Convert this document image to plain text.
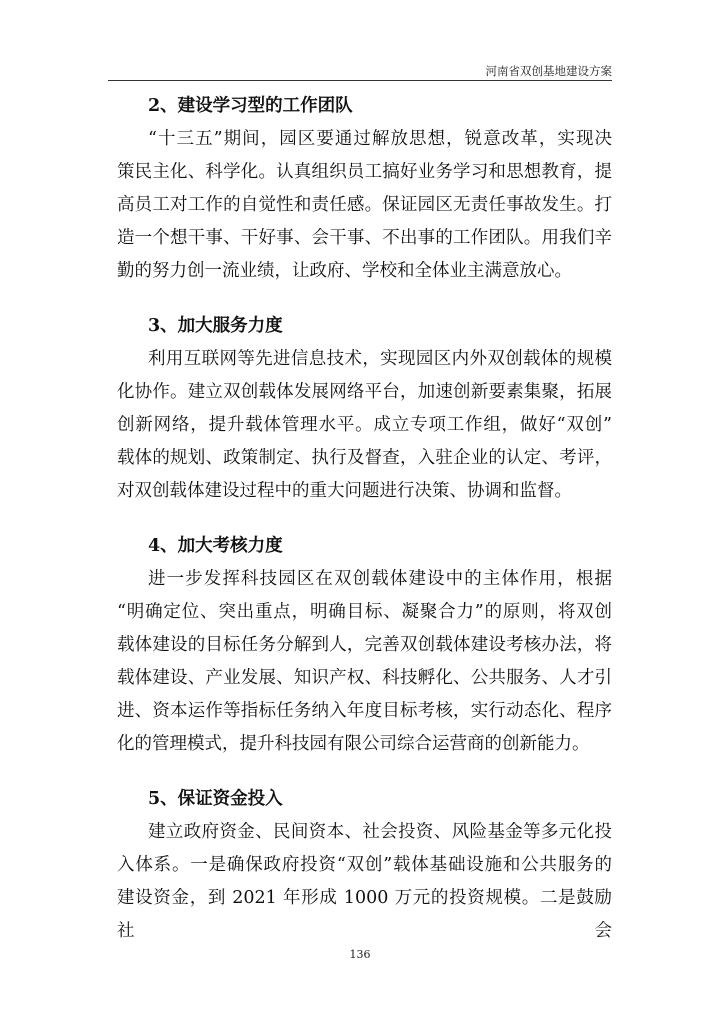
河南省双创基地建设方案
2、建设学习型的工作团队
“十三五”期间，园区要通过解放思想，锐意改革，实现决
策民主化、科学化。认真组织员工搞好业务学习和思想教育，提
高员工对工作的自觉性和责任感。保证园区无责任事故发生。打
造一个想干事、干好事、会干事、不出事的工作团队。用我们辛
勤的努力创一流业绩，让政府、学校和全体业主满意放心。
3、加大服务力度
利用互联网等先进信息技术，实现园区内外双创载体的规模
化协作。建立双创载体发展网络平台，加速创新要素集聚，拓展
创新网络，提升载体管理水平。成立专项工作组，做好“双创”
载体的规划、政策制定、执行及督查，入驻企业的认定、考评，
对双创载体建设过程中的重大问题进行决策、协调和监督。
4、加大考核力度
进一步发挥科技园区在双创载体建设中的主体作用，根据
“明确定位、突出重点，明确目标、凝聚合力”的原则，将双创
载体建设的目标任务分解到人，完善双创载体建设考核办法，将
载体建设、产业发展、知识产权、科技孵化、公共服务、人才引
进、资本运作等指标任务纳入年度目标考核，实行动态化、程序
化的管理模式，提升科技园有限公司综合运营商的创新能力。
5、保证资金投入
建立政府资金、民间资本、社会投资、风险基金等多元化投
入体系。一是确保政府投资“双创”载体基础设施和公共服务的
建设资金，到 2021 年形成 1000 万元的投资规模。二是鼓励社会
136
